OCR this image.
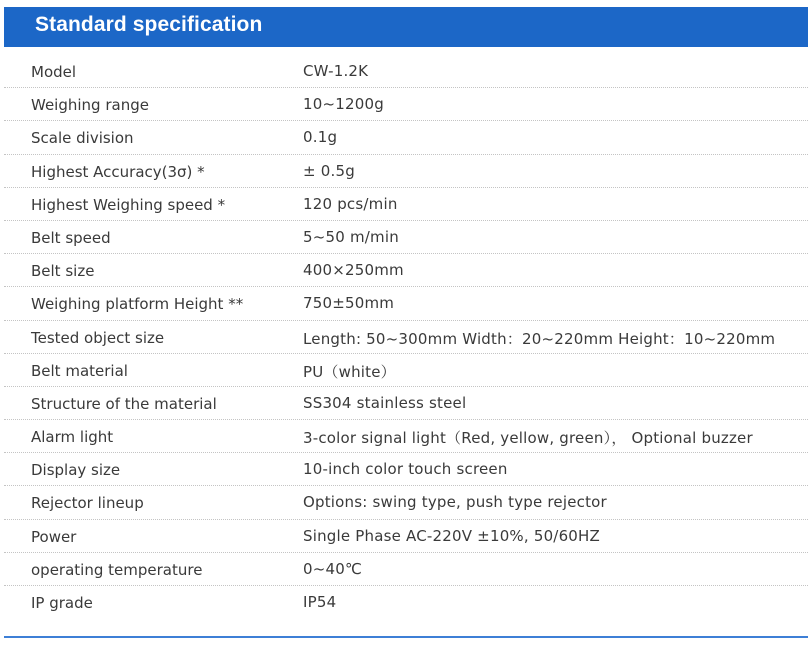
Standard specification
Model	CW-1.2K
Weighing range	10~1200g
Scale division	0.1g
Highest Accuracy(3σ) *	± 0.5g
Highest Weighing speed *	120 pcs/min
Belt speed	5~50 m/min
Belt size	400×250mm
Weighing platform Height **	750±50mm
Tested object size	Length: 50~300mm Width：20~220mm Height：10~220mm
Belt material	PU（white）
Structure of the material	SS304 stainless steel
Alarm light	3-color signal light（Red, yellow, green）， Optional buzzer
Display size	10-inch color touch screen
Rejector lineup	Options: swing type, push type rejector
Power	Single Phase AC-220V ±10%, 50/60HZ
operating temperature	0~40℃
IP grade	IP54
